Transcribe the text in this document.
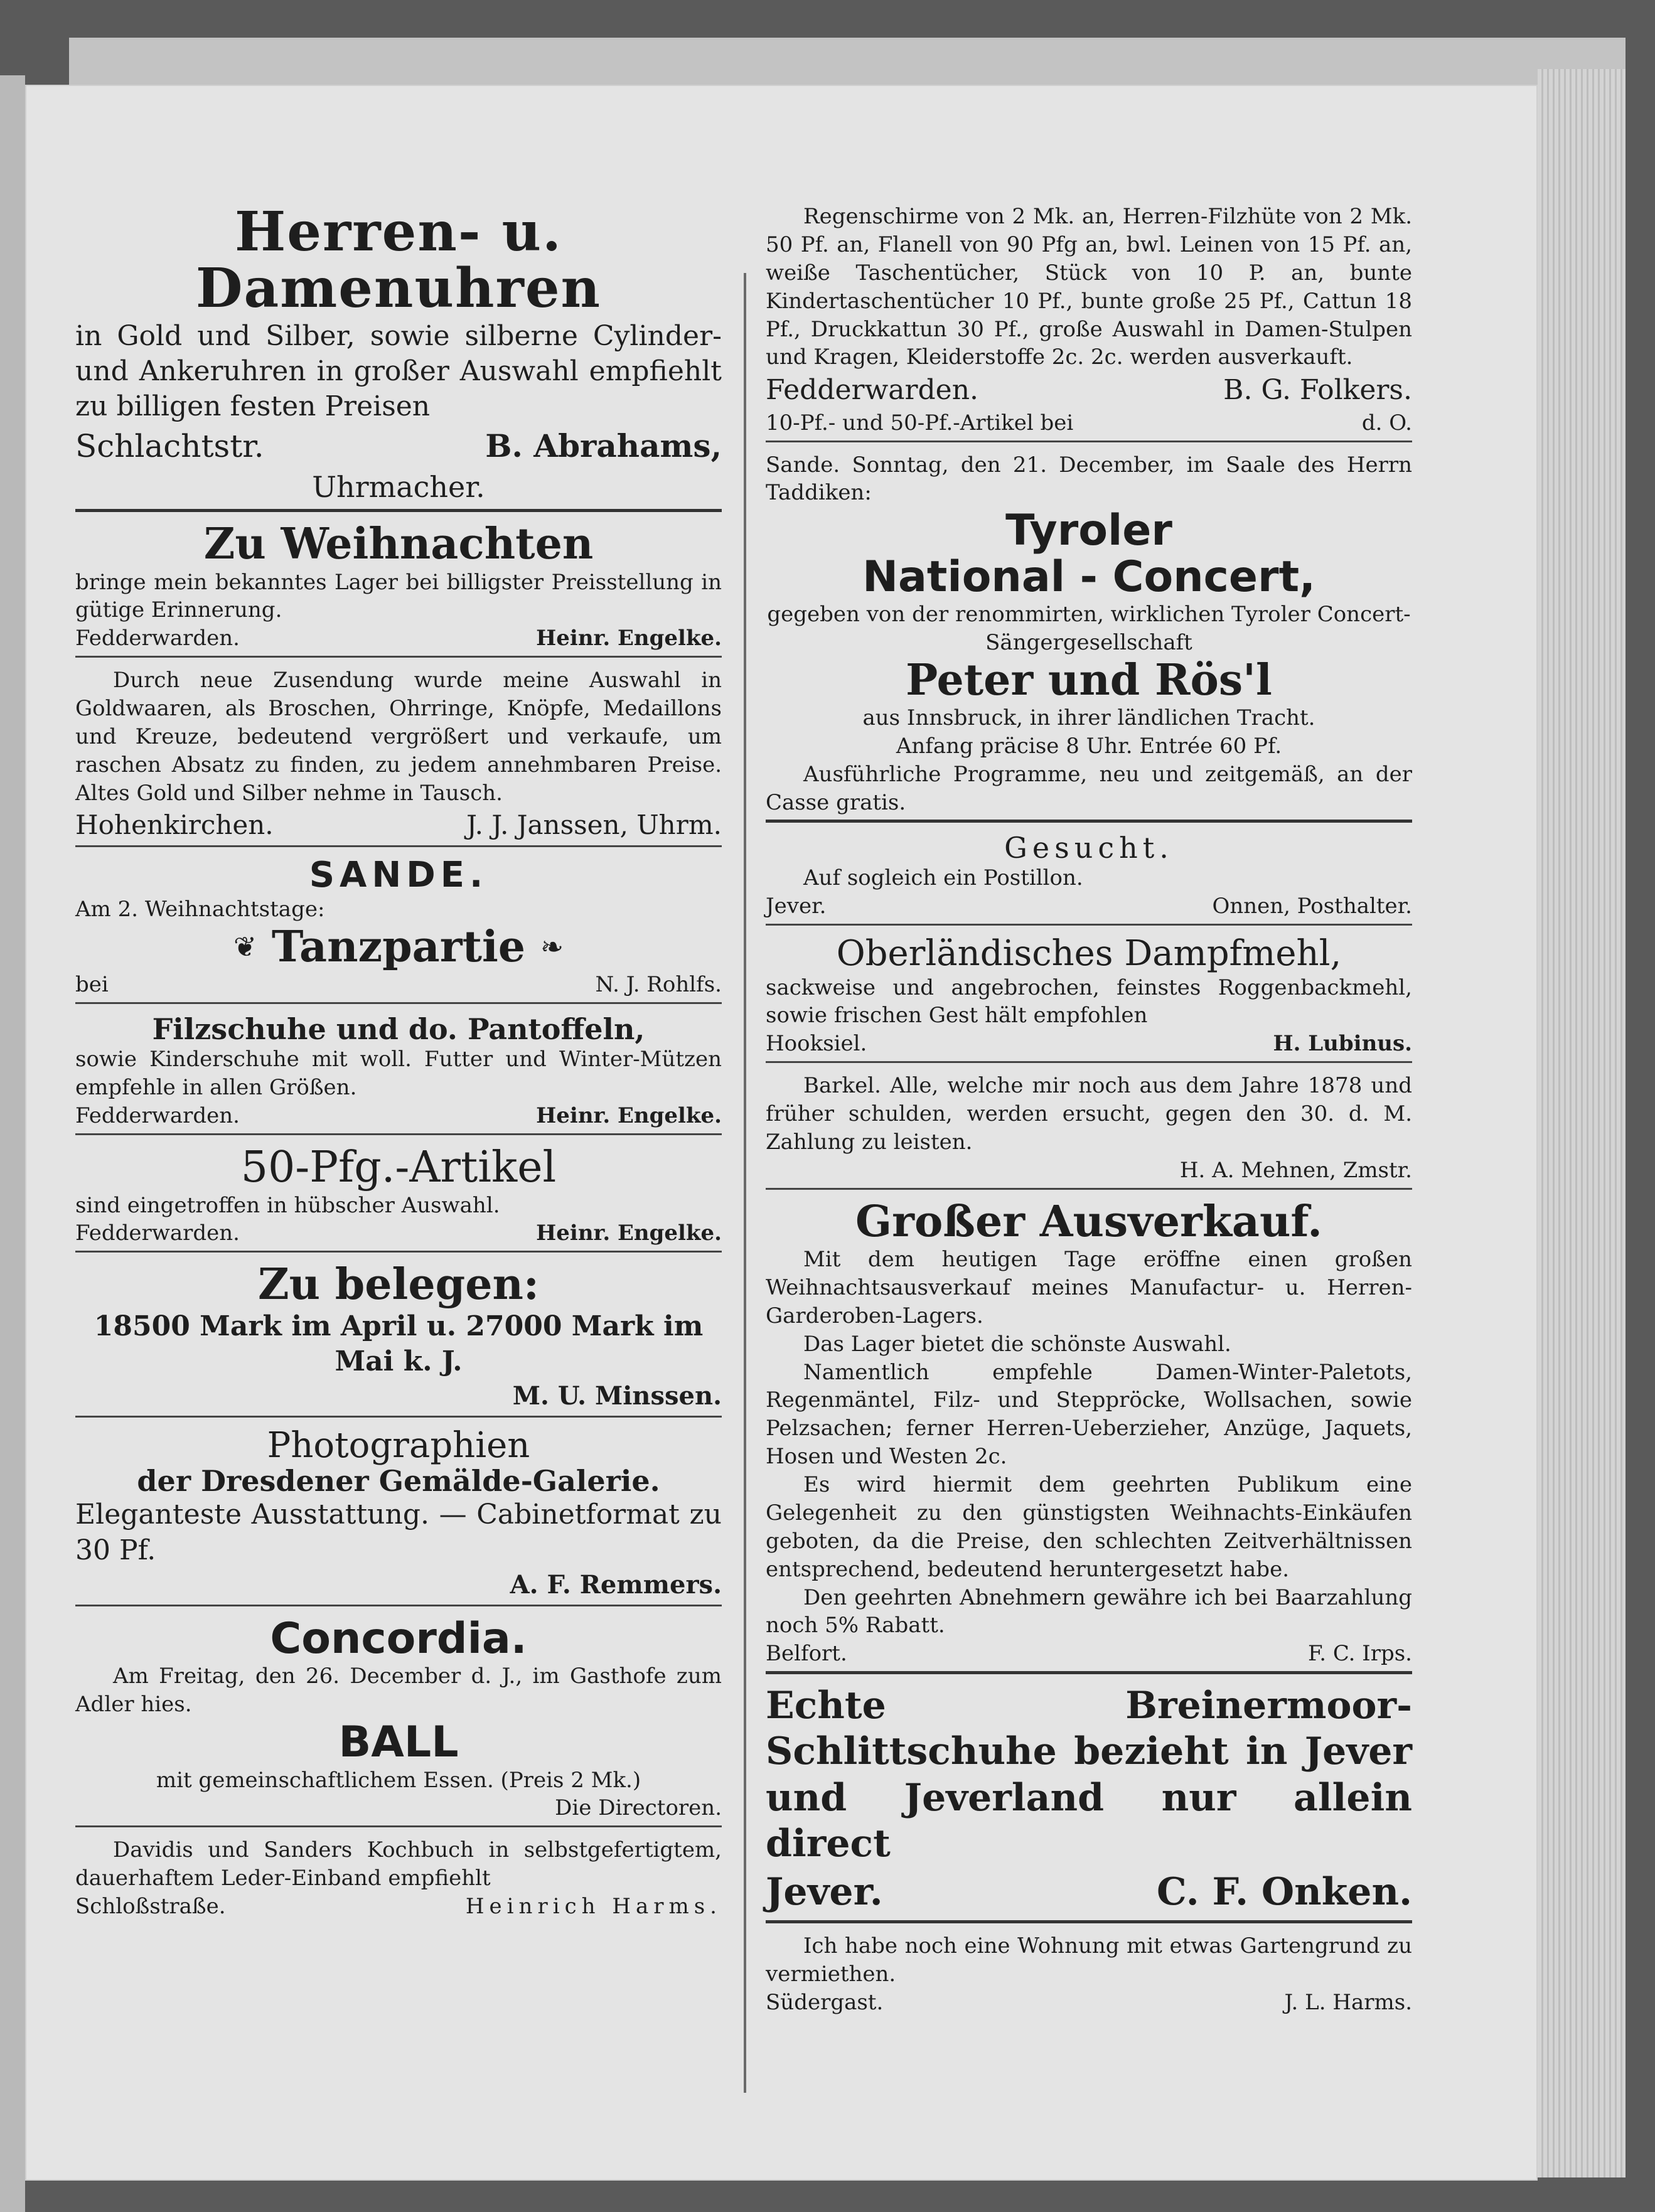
Herren- u. Damenuhren

in Gold und Silber, sowie silberne Cylinder- und Ankeruhren in großer Auswahl empfiehlt zu billigen festen Preisen

Schlachtstr.	B. Abrahams,
Uhrmacher.
Zu Weihnachten

bringe mein bekanntes Lager bei billigster Preisstellung in gütige Erinnerung.

Fedderwarden.	Heinr. Engelke.

Durch neue Zusendung wurde meine Auswahl in Goldwaaren, als Broschen, Ohrringe, Knöpfe, Medaillons und Kreuze, bedeutend vergrößert und verkaufe, um raschen Absatz zu finden, zu jedem annehmbaren Preise. Altes Gold und Silber nehme in Tausch.

Hohenkirchen.	J. J. Janssen, Uhrm.
SANDE.

Am 2. Weihnachtstage:

❦ Tanzpartie ❧
bei	N. J. Rohlfs.
Filzschuhe und do. Pantoffeln,

sowie Kinderschuhe mit woll. Futter und Winter-Mützen empfehle in allen Größen.

Fedderwarden.	Heinr. Engelke.
50-Pfg.-Artikel

sind eingetroffen in hübscher Auswahl.

Fedderwarden.	Heinr. Engelke.
Zu belegen:

18500 Mark im April u. 27000 Mark im Mai k. J.

M. U. Minssen.
Photographien
der Dresdener Gemälde-Galerie.

Eleganteste Ausstattung. — Cabinetformat zu 30 Pf.

A. F. Remmers.
Concordia.

Am Freitag, den 26. December d. J., im Gasthofe zum Adler hies.

BALL

mit gemeinschaftlichem Essen. (Preis 2 Mk.)

Die Directoren.

Davidis und Sanders Kochbuch in selbstgefertigtem, dauerhaftem Leder-Einband empfiehlt

Schloßstraße.	Heinrich Harms.

Regenschirme von 2 Mk. an, Herren-Filzhüte von 2 Mk. 50 Pf. an, Flanell von 90 Pfg an, bwl. Leinen von 15 Pf. an, weiße Taschentücher, Stück von 10 P. an, bunte Kindertaschentücher 10 Pf., bunte große 25 Pf., Cattun 18 Pf., Druckkattun 30 Pf., große Auswahl in Damen-Stulpen und Kragen, Kleiderstoffe 2c. 2c. werden ausverkauft.

Fedderwarden.	B. G. Folkers.
10-Pf.- und 50-Pf.-Artikel bei	d. O.

Sande. Sonntag, den 21. December, im Saale des Herrn Taddiken:

Tyroler
National - Concert,

gegeben von der renommirten, wirklichen Tyroler Concert-Sängergesellschaft

Peter und Rös'l

aus Innsbruck, in ihrer ländlichen Tracht.

Anfang präcise 8 Uhr. Entrée 60 Pf.

Ausführliche Programme, neu und zeitgemäß, an der Casse gratis.

Gesucht.

Auf sogleich ein Postillon.

Jever.	Onnen, Posthalter.
Oberländisches Dampfmehl,

sackweise und angebrochen, feinstes Roggenbackmehl, sowie frischen Gest hält empfohlen

Hooksiel.	H. Lubinus.

Barkel. Alle, welche mir noch aus dem Jahre 1878 und früher schulden, werden ersucht, gegen den 30. d. M. Zahlung zu leisten.

H. A. Mehnen, Zmstr.
Großer Ausverkauf.

Mit dem heutigen Tage eröffne einen großen Weihnachtsausverkauf meines Manufactur- u. Herren-Garderoben-Lagers.

Das Lager bietet die schönste Auswahl.

Namentlich empfehle Damen-Winter-Paletots, Regenmäntel, Filz- und Steppröcke, Wollsachen, sowie Pelzsachen; ferner Herren-Ueberzieher, Anzüge, Jaquets, Hosen und Westen 2c.

Es wird hiermit dem geehrten Publikum eine Gelegenheit zu den günstigsten Weihnachts-Einkäufen geboten, da die Preise, den schlechten Zeitverhältnissen entsprechend, bedeutend heruntergesetzt habe.

Den geehrten Abnehmern gewähre ich bei Baarzahlung noch 5% Rabatt.

Belfort.	F. C. Irps.

Echte Breinermoor-Schlittschuhe bezieht in Jever und Jeverland nur allein direct

Jever.	C. F. Onken.

Ich habe noch eine Wohnung mit etwas Gartengrund zu vermiethen.

Südergast.	J. L. Harms.
